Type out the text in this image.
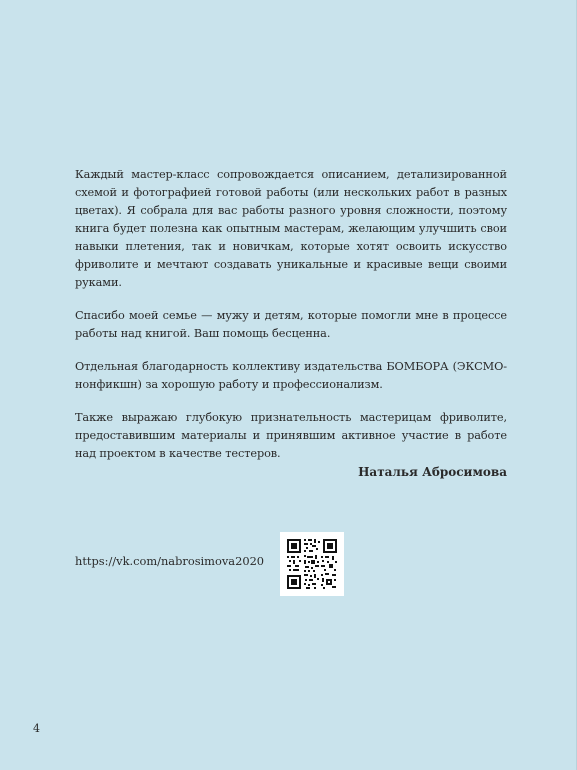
Каждый мастер-класс сопровождается описанием, детализированной схемой и фотографией готовой работы (или нескольких работ в разных цветах). Я собрала для вас работы разного уровня сложности, поэтому книга будет полезна как опытным мастерам, желающим улучшить свои навыки плетения, так и новичкам, которые хотят освоить искусство фриволите и мечтают создавать уникальные и красивые вещи своими руками.

Спасибо моей семье — мужу и детям, которые помогли мне в процессе работы над книгой. Ваш помощь бесценна.

Отдельная благодарность коллективу издательства БОМБОРА (ЭКСМО-нонфикшн) за хорошую работу и профессионализм.

Также выражаю глубокую признательность мастерицам фриволите, предоставившим материалы и принявшим активное участие в работе над проектом в качестве тестеров.

Наталья Абросимова
https://vk.com/nabrosimova2020
4
